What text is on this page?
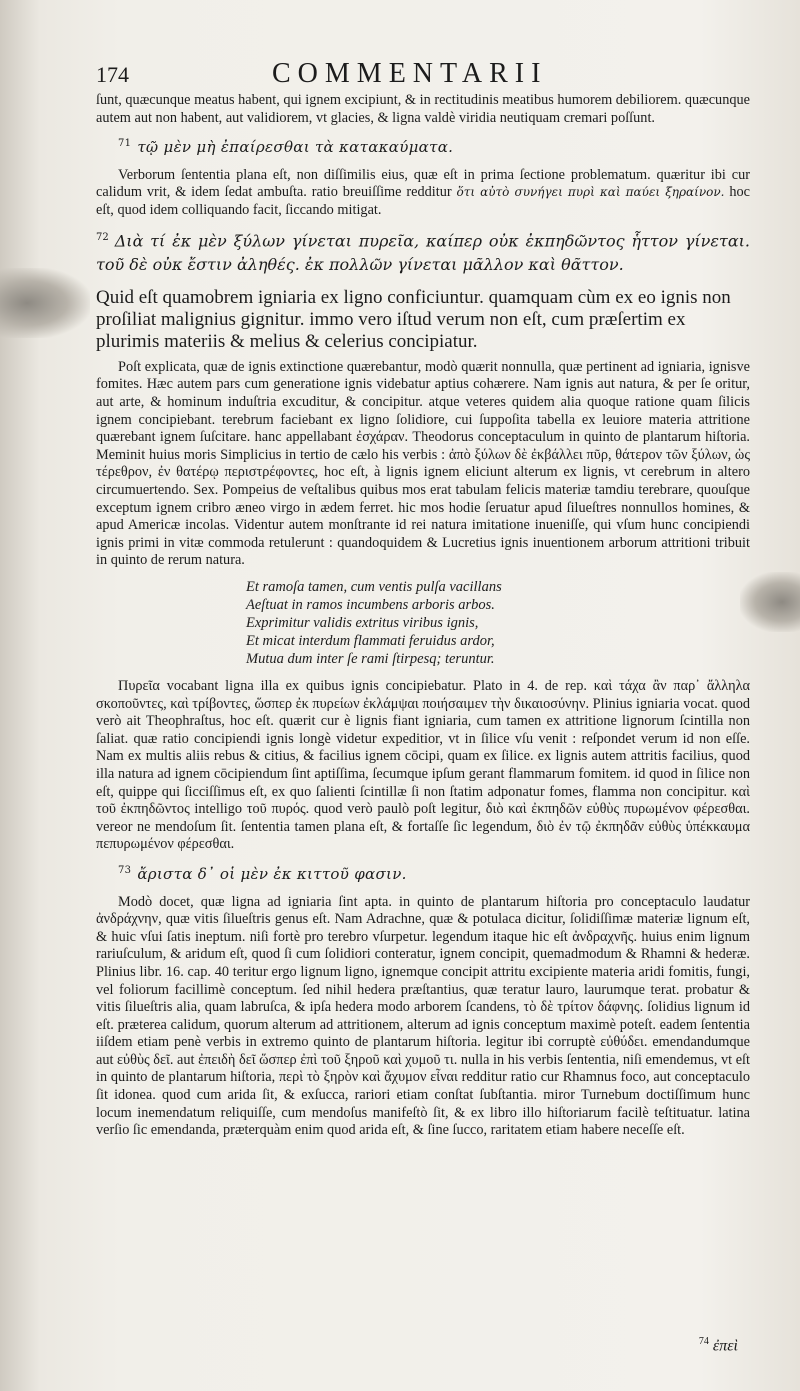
174	COMMENTARII

ſunt, quæcunque meatus habent, qui ignem excipiunt, & in rectitudinis meatibus humorem debiliorem. quæcunque autem aut non habent, aut validiorem, vt glacies, & ligna valdè viridia neutiquam cremari poſſunt.

$^{71}$ τῷ μὲν μὴ ἐπαίρεσθαι τὰ κατακαύματα.

Verborum ſententia plana eſt, non diſſimilis eius, quæ eſt in prima ſectione problematum. quæritur ibi cur calidum vrit, & idem ſedat ambuſta. ratio breuiſſime redditur ὅτι αὐτὸ συνήγει πυρὶ καὶ παύει ξηραίνον. hoc eſt, quod idem colliquando facit, ſiccando mitigat.

$^{72}$ Διὰ τί ἐκ μὲν ξύλων γίνεται πυρεῖα, καίπερ οὐκ ἐκπηδῶντος ἧττον γίνεται. τοῦ δὲ οὐκ ἔστιν ἀληθές. ἐκ πολλῶν γίνεται μᾶλλον καὶ θᾶττον.

Quid eſt quamobrem igniaria ex ligno conficiuntur. quamquam cùm ex eo ignis non proſiliat malignius gignitur. immo vero iſtud verum non eſt, cum præſertim ex plurimis materiis & melius & celerius concipiatur.

Poſt explicata, quæ de ignis extinctione quærebantur, modò quærit nonnulla, quæ pertinent ad igniaria, ignisve fomites. Hæc autem pars cum generatione ignis videbatur aptius cohærere. Nam ignis aut natura, & per ſe oritur, aut arte, & hominum induſtria excuditur, & concipitur. atque veteres quidem alia quoque ratione quam ſilicis ignem concipiebant. terebrum faciebant ex ligno ſolidiore, cui ſuppoſita tabella ex leuiore materia attritione quærebant ignem ſuſcitare. hanc appellabant ἐσχάραν. Theodorus conceptaculum in quinto de plantarum hiſtoria. Meminit huius moris Simplicius in tertio de cælo his verbis : ἀπὸ ξύλων δὲ ἐκβάλλει πῦρ, θάτερον τῶν ξύλων, ὡς τέρεθρον, ἐν θατέρῳ περιστρέφοντες, hoc eſt, à lignis ignem eliciunt alterum ex lignis, vt cerebrum in altero circumuertendo. Sex. Pompeius de veſtalibus quibus mos erat tabulam felicis materiæ tamdiu terebrare, quouſque exceptum ignem cribro æneo virgo in ædem ferret. hic mos hodie ſeruatur apud ſilueſtres nonnullos homines, & apud Americæ incolas. Videntur autem monſtrante id rei natura imitatione inueniſſe, qui vſum hunc concipiendi ignis primi in vitæ commoda retulerunt : quandoquidem & Lucretius ignis inuentionem arborum attritioni tribuit in quinto de rerum natura.

Et ramoſa tamen, cum ventis pulſa vacillans
Aeſtuat in ramos incumbens arboris arbos.
Exprimitur validis extritus viribus ignis,
Et micat interdum flammati feruidus ardor,
Mutua dum inter ſe rami ſtirpesq; teruntur.

Πυρεῖα vocabant ligna illa ex quibus ignis concipiebatur. Plato in 4. de rep. καὶ τάχα ἂν παρ᾽ ἄλληλα σκοποῦντες, καὶ τρίβοντες, ὥσπερ ἐκ πυρείων ἐκλάμψαι ποιήσαιμεν τὴν δικαιοσύνην. Plinius igniaria vocat. quod verò ait Theophraſtus, hoc eſt. quærit cur è lignis fiant igniaria, cum tamen ex attritione lignorum ſcintilla non ſaliat. quæ ratio concipiendi ignis longè videtur expeditior, vt in ſilice vſu venit : reſpondet verum id non eſſe. Nam ex multis aliis rebus & citius, & facilius ignem cōcipi, quam ex ſilice. ex lignis autem attritis facilius, quod illa natura ad ignem cōcipiendum ſint aptiſſima, ſecumque ipſum gerant flammarum fomitem. id quod in ſilice non eſt, quippe qui ſicciſſimus eſt, ex quo ſalienti ſcintillæ ſi non ſtatim adponatur fomes, flamma non concipitur. καὶ τοῦ ἐκπηδῶντος intelligo τοῦ πυρός. quod verò paulò poſt legitur, διὸ καὶ ἐκπηδῶν εὐθὺς πυρωμένον φέρεσθαι. vereor ne mendoſum ſit. ſententia tamen plana eſt, & fortaſſe ſic legendum, διὸ ἐν τῷ ἐκπηδᾶν εὐθὺς ὑπέκκαυμα πεπυρωμένον φέρεσθαι.

$^{73}$ ἄριστα δ᾽ οἱ μὲν ἐκ κιττοῦ φασιν.

Modò docet, quæ ligna ad igniaria ſint apta. in quinto de plantarum hiſtoria pro conceptaculo laudatur ἀνδράχνην, quæ vitis ſilueſtris genus eſt. Nam Adrachne, quæ & potulaca dicitur, ſolidiſſimæ materiæ lignum eſt, & huic vſui ſatis ineptum. niſi fortè pro terebro vſurpetur. legendum itaque hic eſt ἀνδραχνῆς. huius enim lignum rariuſculum, & aridum eſt, quod ſi cum ſolidiori conteratur, ignem concipit, quemadmodum & Rhamni & hederæ. Plinius libr. 16. cap. 40 teritur ergo lignum ligno, ignemque concipit attritu excipiente materia aridi fomitis, fungi, vel foliorum facillimè conceptum. ſed nihil hedera præſtantius, quæ teratur lauro, laurumque terat. probatur & vitis ſilueſtris alia, quam labruſca, & ipſa hedera modo arborem ſcandens, τὸ δὲ τρίτον δάφνης. ſolidius lignum id eſt. præterea calidum, quorum alterum ad attritionem, alterum ad ignis conceptum maximè poteſt. eadem ſententia iiſdem etiam penè verbis in extremo quinto de plantarum hiſtoria. legitur ibi corruptè εὐθύδει. emendandumque aut εὐθὺς δεῖ. aut ἐπειδὴ δεῖ ὥσπερ ἐπὶ τοῦ ξηροῦ καὶ χυμοῦ τι. nulla in his verbis ſententia, niſi emendemus, vt eſt in quinto de plantarum hiſtoria, περὶ τὸ ξηρὸν καὶ ἄχυμον εἶναι redditur ratio cur Rhamnus foco, aut conceptaculo ſit idonea. quod cum arida ſit, & exſucca, rariori etiam conſtat ſubſtantia. miror Turnebum doctiſſimum hunc locum inemendatum reliquiſſe, cum mendoſus manifeſtò ſit, & ex libro illo hiſtoriarum facilè teſtituatur. latina verſio ſic emendanda, præterquàm enim quod arida eſt, & ſine ſucco, raritatem etiam habere neceſſe eſt.

$^{74}$ ἐπεὶ
